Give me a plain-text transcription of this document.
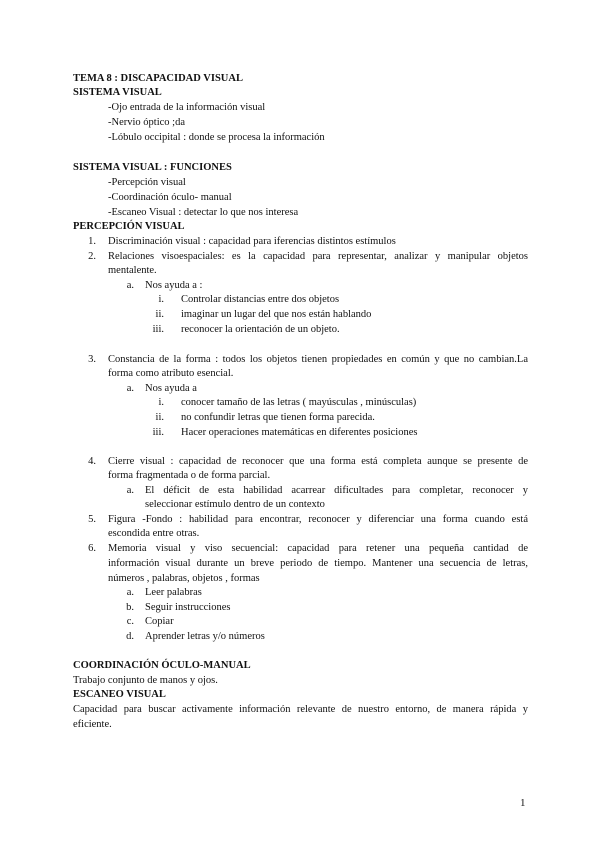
TEMA 8 : DISCAPACIDAD VISUAL
SISTEMA VISUAL
-Ojo entrada de la información visual
-Nervio óptico ;da
-Lóbulo occipital : donde se procesa la información
SISTEMA VISUAL : FUNCIONES
-Percepción visual
-Coordinación óculo- manual
-Escaneo Visual : detectar lo que nos interesa
PERCEPCIÓN VISUAL
1. Discriminación visual : capacidad para iferencias distintos estímulos
2. Relaciones visoespaciales: es la capacidad para representar, analizar y manipular objetos
mentalente.
a. Nos ayuda a :
i. Controlar distancias entre dos objetos
ii. imaginar un lugar del que nos están hablando
iii. reconocer la orientación de un objeto.
3. Constancia de la forma : todos los objetos tienen propiedades en común y que no cambian.La
forma como atributo esencial.
a. Nos ayuda a
i. conocer tamaño de las letras ( mayúsculas , minúsculas)
ii. no confundir letras que tienen forma parecida.
iii. Hacer operaciones matemáticas en diferentes posiciones
4. Cierre visual : capacidad de reconocer que una forma está completa aunque se presente de
forma fragmentada o de forma parcial.
a. El déficit de esta habilidad acarrear dificultades para completar, reconocer y
seleccionar estímulo dentro de un contexto
5. Figura -Fondo : habilidad para encontrar, reconocer y diferenciar una forma cuando está
escondida entre otras.
6. Memoria visual y viso secuencial: capacidad para retener una pequeña cantidad de
información visual durante un breve periodo de tiempo. Mantener una secuencia de letras,
números , palabras, objetos , formas
a. Leer palabras
b. Seguir instrucciones
c. Copiar
d. Aprender letras y/o números
COORDINACIÓN ÓCULO-MANUAL
Trabajo conjunto de manos y ojos.
ESCANEO VISUAL
Capacidad para buscar activamente información relevante de nuestro entorno, de manera rápida y
eficiente.
1
